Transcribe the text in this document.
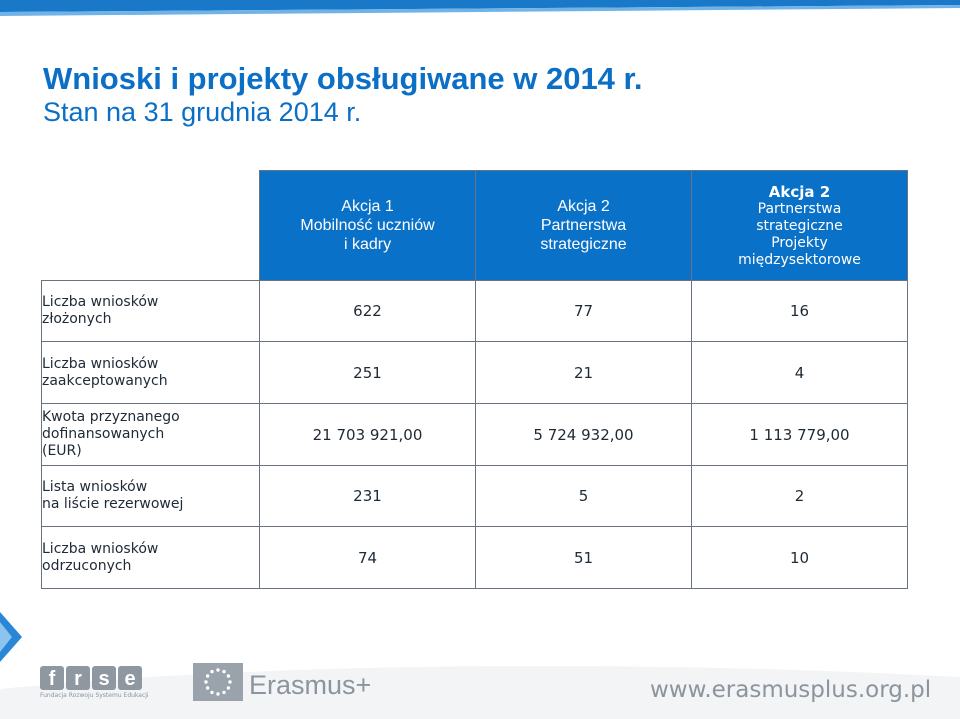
Wnioski i projekty obsługiwane w 2014 r.
Stan na 31 grudnia 2014 r.

	Akcja 1
Mobilność uczniów
i kadry	Akcja 2
Partnerstwa
strategiczne	Akcja 2
Partnerstwa
strategiczne
Projekty
międzysektorowe

Liczba wniosków
złożonych	622	77	16

Liczba wniosków
zaakceptowanych	251	21	4

Kwota przyznanego
dofinansowanych
(EUR)	21 703 921,00	5 724 932,00	1 113 779,00

Lista wniosków
na liście rezerwowej	231	5	2

Liczba wniosków
odrzuconych	74	51	10
f r s e
Fundacja Rozwoju Systemu Edukacji	Erasmus+	www.erasmusplus.org.pl
